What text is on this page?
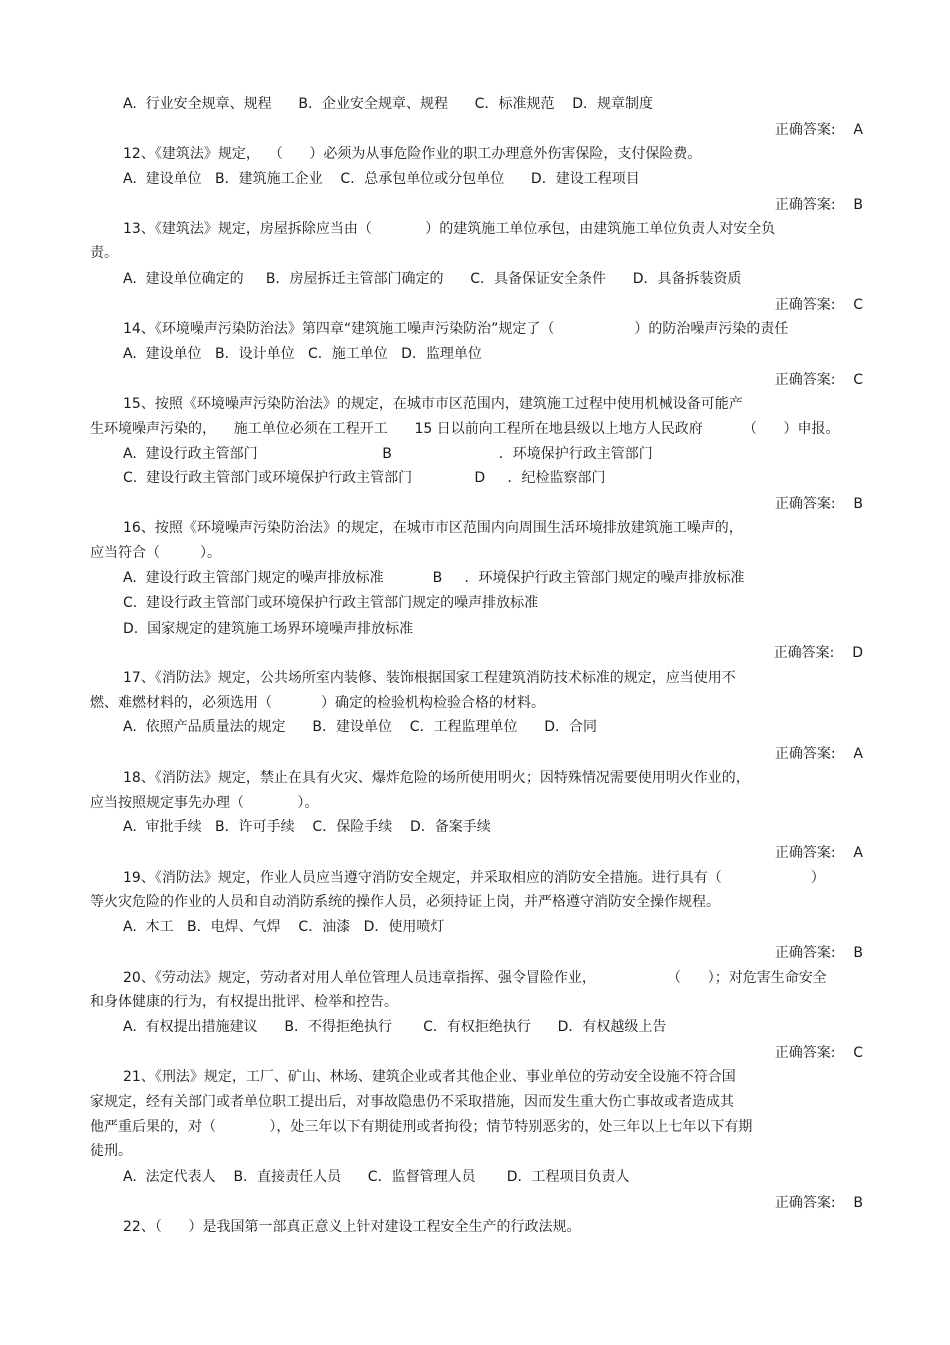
A.  行业安全规章、规程      B．企业安全规章、规程      C．标准规范    D．规章制度
正确答案:    A
12、《建筑法》规定，  （      ）必须为从事危险作业的职工办理意外伤害保险，支付保险费。
A.  建设单位   B．建筑施工企业    C．总承包单位或分包单位      D．建设工程项目
正确答案:    B
13、《建筑法》规定，房屋拆除应当由（            ）的建筑施工单位承包，由建筑施工单位负责人对安全负
责。
A.  建设单位确定的     B．房屋拆迁主管部门确定的      C．具备保证安全条件      D．具备拆装资质
正确答案:    C
14、《环境噪声污染防治法》第四章“建筑施工噪声污染防治”规定了（                  ）的防治噪声污染的责任
A.  建设单位   B．设计单位   C．施工单位   D．监理单位
正确答案:    C
15、按照《环境噪声污染防治法》的规定，在城市市区范围内，建筑施工过程中使用机械设备可能产
生环境噪声污染的，    施工单位必须在工程开工      15 日以前向工程所在地县级以上地方人民政府         （      ）申报。
A.  建设行政主管部门                            B                        ．环境保护行政主管部门
C.  建设行政主管部门或环境保护行政主管部门              D     ．纪检监察部门
正确答案:    B
16、按照《环境噪声污染防治法》的规定，在城市市区范围内向周围生活环境排放建筑施工噪声的，
应当符合（         ）。
A.  建设行政主管部门规定的噪声排放标准           B     ．环境保护行政主管部门规定的噪声排放标准
C.  建设行政主管部门或环境保护行政主管部门规定的噪声排放标准
D.  国家规定的建筑施工场界环境噪声排放标准
正确答案:    D
17、《消防法》规定，公共场所室内装修、装饰根据国家工程建筑消防技术标准的规定，应当使用不
燃、难燃材料的，必须选用（           ）确定的检验机构检验合格的材料。
A.  依照产品质量法的规定      B．建设单位    C．工程监理单位      D．合同
正确答案:    A
18、《消防法》规定，禁止在具有火灾、爆炸危险的场所使用明火；因特殊情况需要使用明火作业的，
应当按照规定事先办理（            ）。
A.  审批手续   B．许可手续    C．保险手续    D．备案手续
正确答案:    A
19、《消防法》规定，作业人员应当遵守消防安全规定，并采取相应的消防安全措施。进行具有（                    ）
等火灾危险的作业的人员和自动消防系统的操作人员，必须持证上岗，并严格遵守消防安全操作规程。
A.  木工   B．电焊、气焊    C．油漆   D．使用喷灯
正确答案:    B
20、《劳动法》规定，劳动者对用人单位管理人员违章指挥、强令冒险作业，                （      ）；对危害生命安全
和身体健康的行为，有权提出批评、检举和控告。
A.  有权提出措施建议      B．不得拒绝执行       C．有权拒绝执行      D．有权越级上告
正确答案:    C
21、《刑法》规定，工厂、矿山、林场、建筑企业或者其他企业、事业单位的劳动安全设施不符合国
家规定，经有关部门或者单位职工提出后，对事故隐患仍不采取措施，因而发生重大伤亡事故或者造成其
他严重后果的，对（            ），处三年以下有期徒刑或者拘役；情节特别恶劣的，处三年以上七年以下有期
徒刑。
A.  法定代表人    B．直接责任人员      C．监督管理人员       D．工程项目负责人
正确答案:    B
22、（      ）是我国第一部真正意义上针对建设工程安全生产的行政法规。
